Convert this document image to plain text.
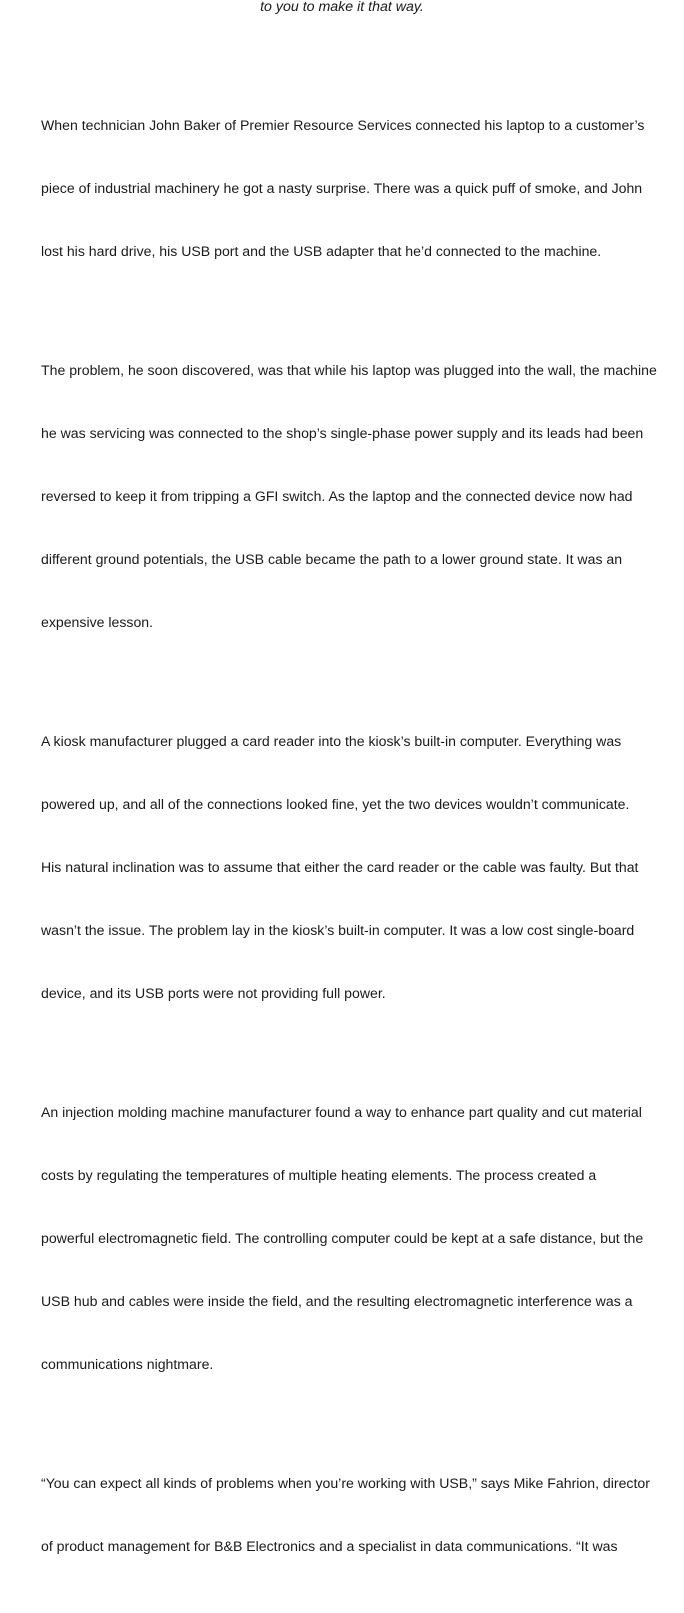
to you to make it that way.

When technician John Baker of Premier Resource Services connected his laptop to a customer’s

piece of industrial machinery he got a nasty surprise. There was a quick puff of smoke, and John

lost his hard drive, his USB port and the USB adapter that he’d connected to the machine.

The problem, he soon discovered, was that while his laptop was plugged into the wall, the machine

he was servicing was connected to the shop’s single-phase power supply and its leads had been

reversed to keep it from tripping a GFI switch. As the laptop and the connected device now had

different ground potentials, the USB cable became the path to a lower ground state. It was an

expensive lesson.

A kiosk manufacturer plugged a card reader into the kiosk’s built-in computer. Everything was

powered up, and all of the connections looked fine, yet the two devices wouldn’t communicate.

His natural inclination was to assume that either the card reader or the cable was faulty. But that

wasn’t the issue. The problem lay in the kiosk’s built-in computer. It was a low cost single-board

device, and its USB ports were not providing full power.

An injection molding machine manufacturer found a way to enhance part quality and cut material

costs by regulating the temperatures of multiple heating elements. The process created a

powerful electromagnetic field. The controlling computer could be kept at a safe distance, but the

USB hub and cables were inside the field, and the resulting electromagnetic interference was a

communications nightmare.

“You can expect all kinds of problems when you’re working with USB,” says Mike Fahrion, director

of product management for B&B Electronics and a specialist in data communications. “It was
